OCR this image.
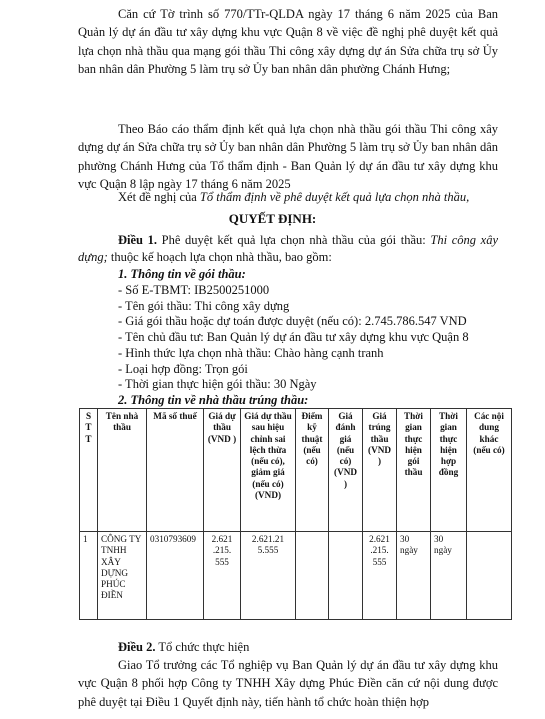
Căn cứ Tờ trình số 770/TTr-QLDA ngày 17 tháng 6 năm 2025 của Ban Quản lý dự án đầu tư xây dựng khu vực Quận 8 về việc đề nghị phê duyệt kết quả lựa chọn nhà thầu qua mạng gói thầu Thi công xây dựng dự án Sửa chữa trụ sở Ủy ban nhân dân Phường 5 làm trụ sở Ủy ban nhân dân phường Chánh Hưng;

Theo Báo cáo thẩm định kết quả lựa chọn nhà thầu gói thầu Thi công xây dựng dự án Sửa chữa trụ sở Ủy ban nhân dân Phường 5 làm trụ sở Ủy ban nhân dân phường Chánh Hưng của Tổ thẩm định - Ban Quản lý dự án đầu tư xây dựng khu vực Quận 8 lập ngày 17 tháng 6 năm 2025

Xét đề nghị của Tổ thẩm định về phê duyệt kết quả lựa chọn nhà thầu,

QUYẾT ĐỊNH:

Điều 1. Phê duyệt kết quả lựa chọn nhà thầu của gói thầu: Thi công xây dựng; thuộc kế hoạch lựa chọn nhà thầu, bao gồm:

1. Thông tin về gói thầu:
- Số E-TBMT: IB2500251000
- Tên gói thầu: Thi công xây dựng
- Giá gói thầu hoặc dự toán được duyệt (nếu có): 2.745.786.547 VND
- Tên chủ đầu tư: Ban Quản lý dự án đầu tư xây dựng khu vực Quận 8
- Hình thức lựa chọn nhà thầu: Chào hàng cạnh tranh
- Loại hợp đồng: Trọn gói
- Thời gian thực hiện gói thầu: 30 Ngày
2. Thông tin về nhà thầu trúng thầu:
S T T	Tên nhà thầu	Mã số thuế	Giá dự thầu (VND )	Giá dự thầu sau hiệu chỉnh sai lệch thừa (nếu có), giảm giá (nếu có) (VND)	Điểm kỹ thuật (nếu có)	Giá đánh giá (nếu có) (VND )	Giá trúng thầu (VND )	Thời gian thực hiện gói thầu	Thời gian thực hiện hợp đồng	Các nội dung khác (nếu có)
1	CÔNG TY TNHH XÂY DỰNG PHÚC ĐIỀN	0310793609	2.621 .215. 555	2.621.21 5.555			2.621 .215. 555	30 ngày	30 ngày	

Điều 2. Tổ chức thực hiện

Giao Tổ trưởng các Tổ nghiệp vụ Ban Quản lý dự án đầu tư xây dựng khu vực Quận 8 phối hợp Công ty TNHH Xây dựng Phúc Điền căn cứ nội dung được phê duyệt tại Điều 1 Quyết định này, tiến hành tổ chức hoàn thiện hợp
